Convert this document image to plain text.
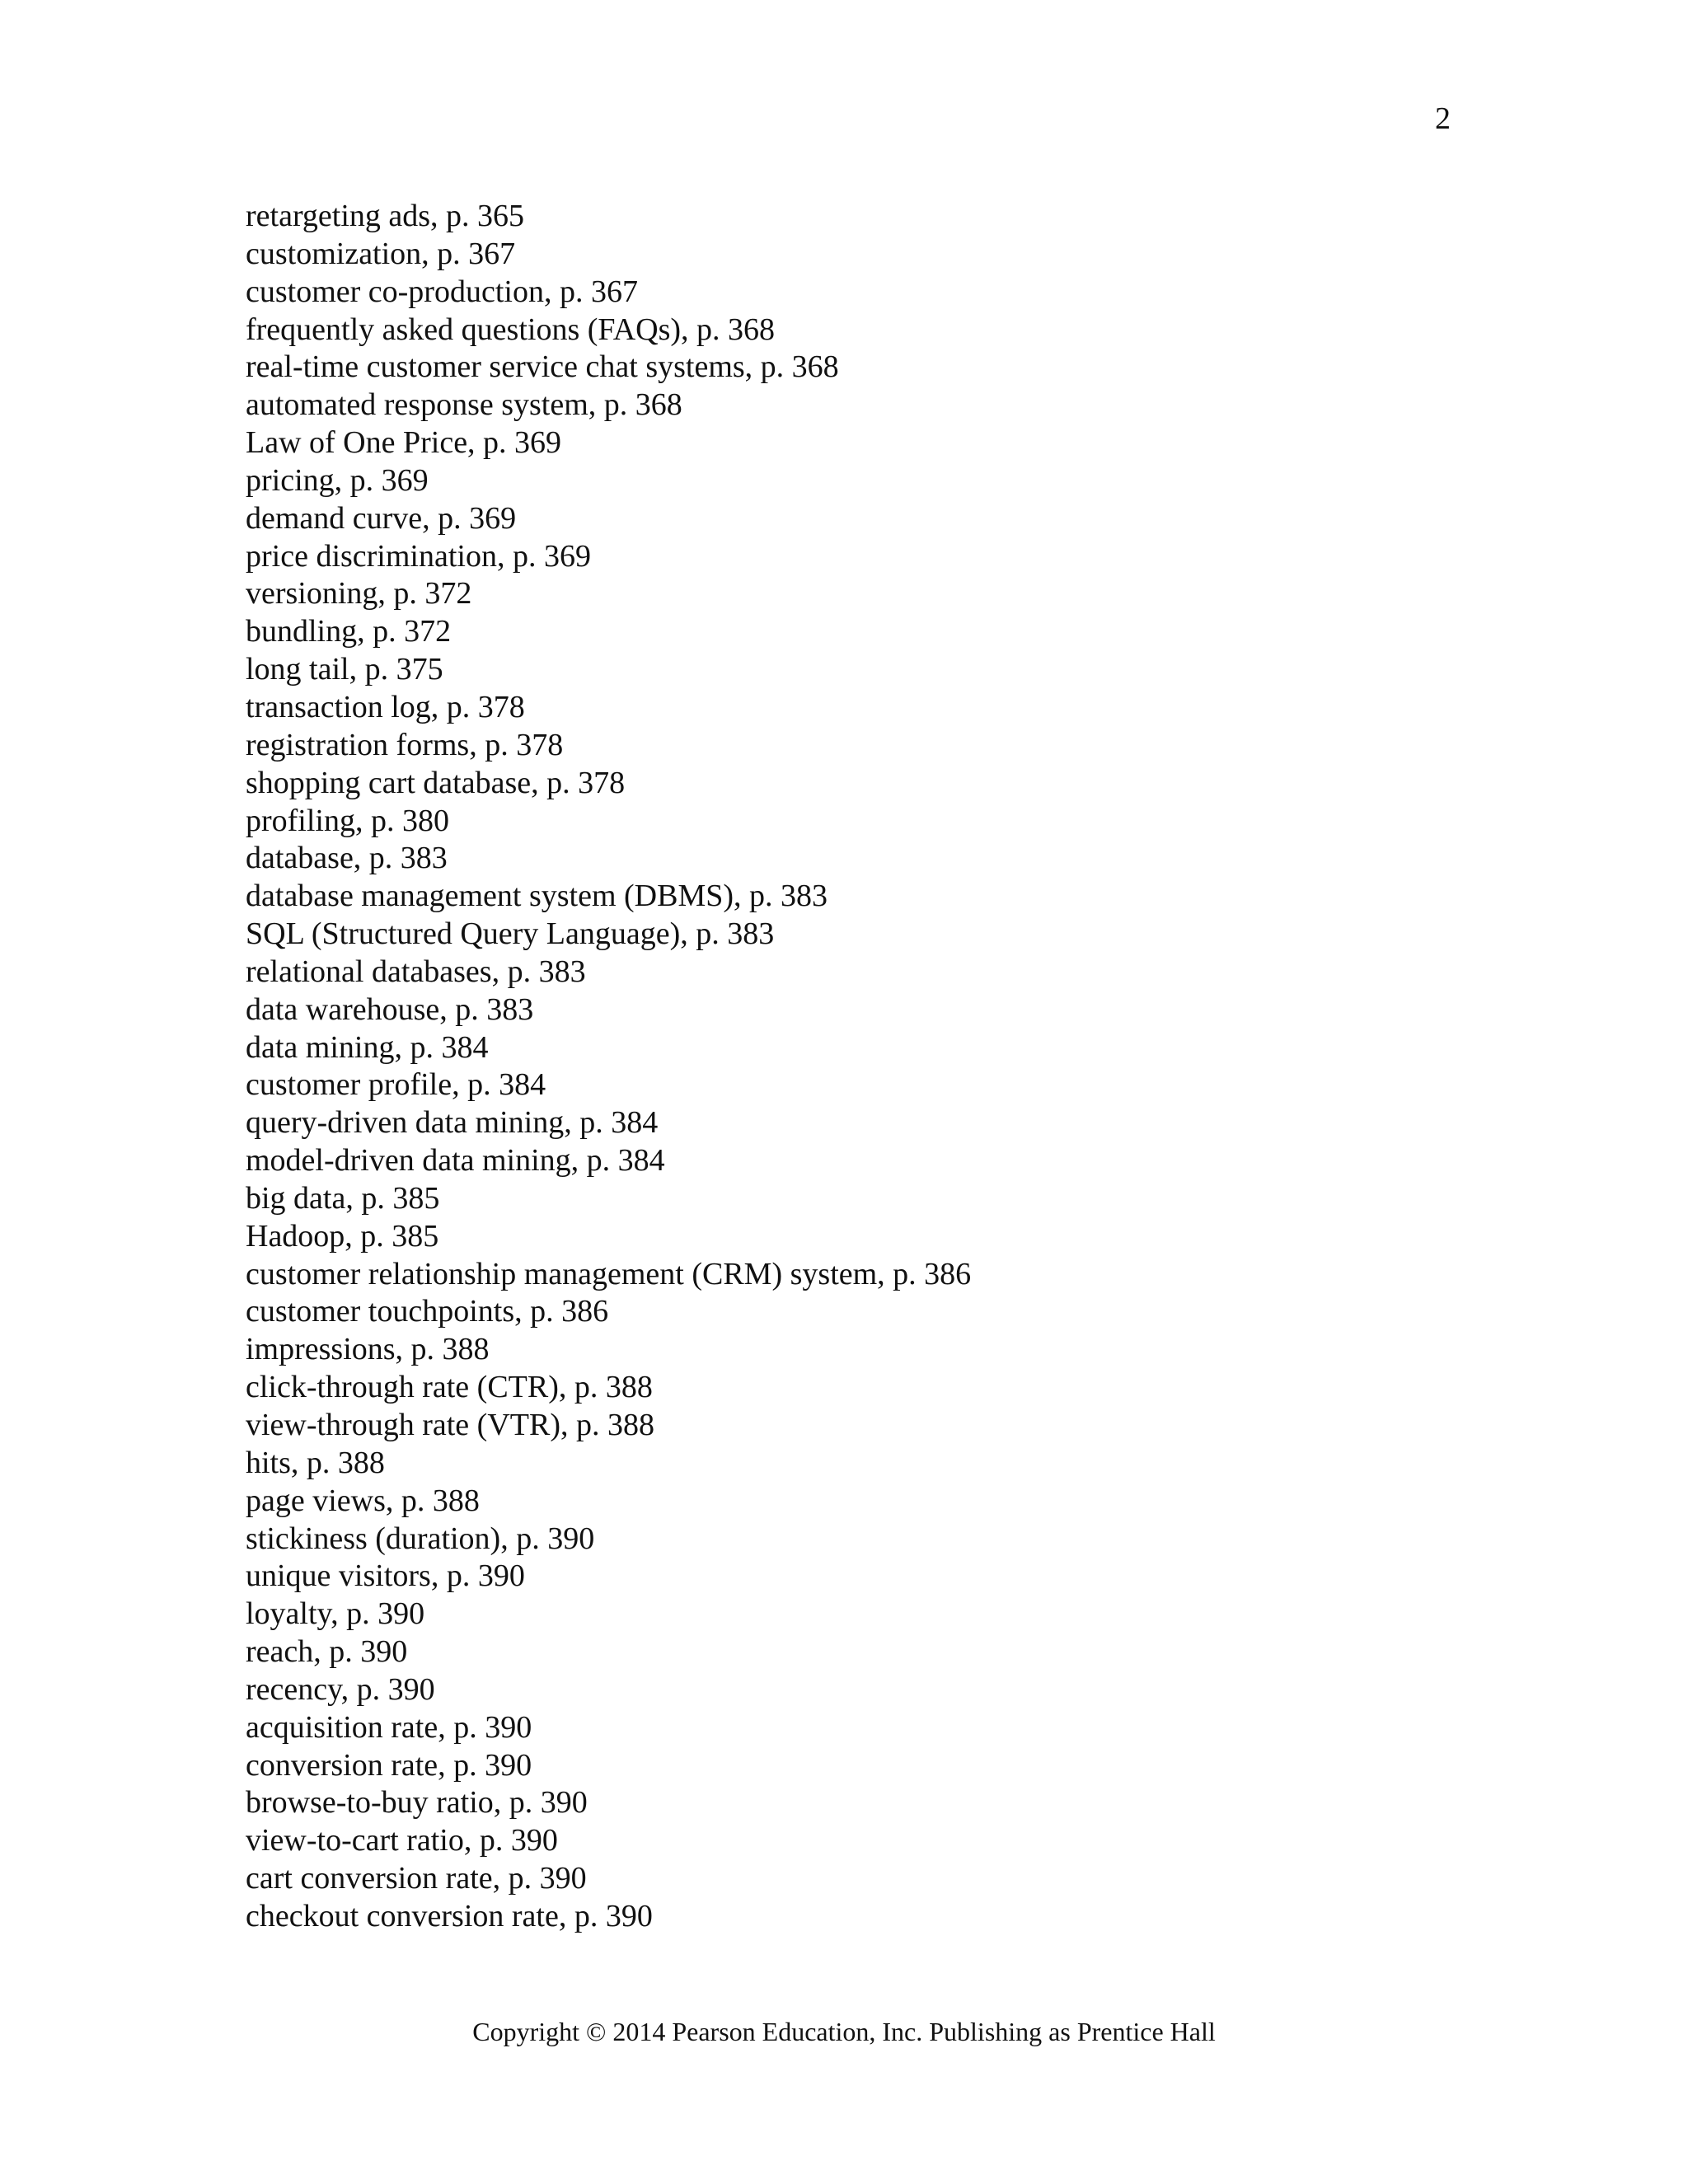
2
retargeting ads, p. 365
customization, p. 367
customer co-production, p. 367
frequently asked questions (FAQs), p. 368
real-time customer service chat systems, p. 368
automated response system, p. 368
Law of One Price, p. 369
pricing, p. 369
demand curve, p. 369
price discrimination, p. 369
versioning, p. 372
bundling, p. 372
long tail, p. 375
transaction log, p. 378
registration forms, p. 378
shopping cart database, p. 378
profiling, p. 380
database, p. 383
database management system (DBMS), p. 383
SQL (Structured Query Language), p. 383
relational databases, p. 383
data warehouse, p. 383
data mining, p. 384
customer profile, p. 384
query-driven data mining, p. 384
model-driven data mining, p. 384
big data, p. 385
Hadoop, p. 385
customer relationship management (CRM) system, p. 386
customer touchpoints, p. 386
impressions, p. 388
click-through rate (CTR), p. 388
view-through rate (VTR), p. 388
hits, p. 388
page views, p. 388
stickiness (duration), p. 390
unique visitors, p. 390
loyalty, p. 390
reach, p. 390
recency, p. 390
acquisition rate, p. 390
conversion rate, p. 390
browse-to-buy ratio, p. 390
view-to-cart ratio, p. 390
cart conversion rate, p. 390
checkout conversion rate, p. 390
Copyright © 2014 Pearson Education, Inc. Publishing as Prentice Hall
